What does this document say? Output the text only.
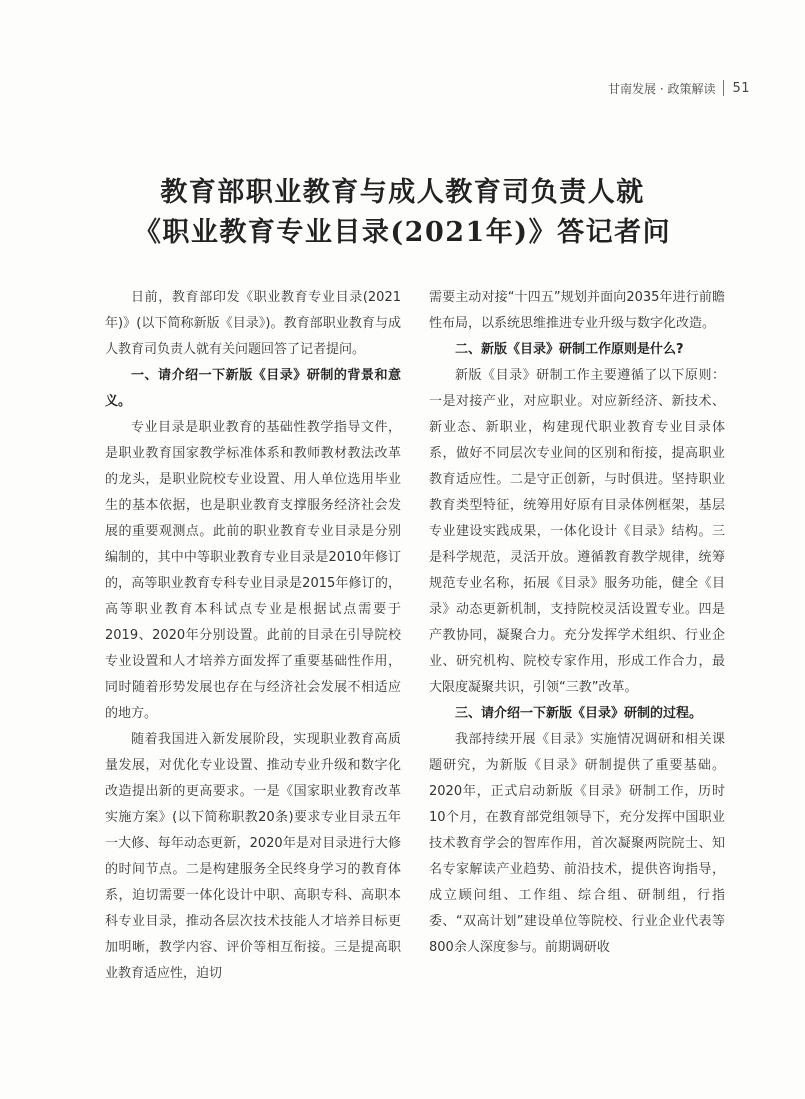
甘南发展 · 政策解读 51
教育部职业教育与成人教育司负责人就
《职业教育专业目录(2021年)》答记者问

日前，教育部印发《职业教育专业目录(2021年)》(以下简称新版《目录》)。教育部职业教育与成人教育司负责人就有关问题回答了记者提问。

一、请介绍一下新版《目录》研制的背景和意义。

专业目录是职业教育的基础性教学指导文件，是职业教育国家教学标准体系和教师教材教法改革的龙头，是职业院校专业设置、用人单位选用毕业生的基本依据，也是职业教育支撑服务经济社会发展的重要观测点。此前的职业教育专业目录是分别编制的，其中中等职业教育专业目录是2010年修订的，高等职业教育专科专业目录是2015年修订的，高等职业教育本科试点专业是根据试点需要于2019、2020年分别设置。此前的目录在引导院校专业设置和人才培养方面发挥了重要基础性作用，同时随着形势发展也存在与经济社会发展不相适应的地方。

随着我国进入新发展阶段，实现职业教育高质量发展，对优化专业设置、推动专业升级和数字化改造提出新的更高要求。一是《国家职业教育改革实施方案》(以下简称职教20条)要求专业目录五年一大修、每年动态更新，2020年是对目录进行大修的时间节点。二是构建服务全民终身学习的教育体系，迫切需要一体化设计中职、高职专科、高职本科专业目录，推动各层次技术技能人才培养目标更加明晰，教学内容、评价等相互衔接。三是提高职业教育适应性，迫切

需要主动对接“十四五”规划并面向2035年进行前瞻性布局，以系统思维推进专业升级与数字化改造。

二、新版《目录》研制工作原则是什么?

新版《目录》研制工作主要遵循了以下原则：一是对接产业，对应职业。对应新经济、新技术、新业态、新职业，构建现代职业教育专业目录体系，做好不同层次专业间的区别和衔接，提高职业教育适应性。二是守正创新，与时俱进。坚持职业教育类型特征，统筹用好原有目录体例框架，基层专业建设实践成果，一体化设计《目录》结构。三是科学规范，灵活开放。遵循教育教学规律，统筹规范专业名称，拓展《目录》服务功能，健全《目录》动态更新机制，支持院校灵活设置专业。四是产教协同，凝聚合力。充分发挥学术组织、行业企业、研究机构、院校专家作用，形成工作合力，最大限度凝聚共识，引领“三教”改革。

三、请介绍一下新版《目录》研制的过程。

我部持续开展《目录》实施情况调研和相关课题研究，为新版《目录》研制提供了重要基础。2020年，正式启动新版《目录》研制工作，历时10个月，在教育部党组领导下，充分发挥中国职业技术教育学会的智库作用，首次凝聚两院院士、知名专家解读产业趋势、前沿技术，提供咨询指导，成立顾问组、工作组、综合组、研制组，行指委、“双高计划”建设单位等院校、行业企业代表等800余人深度参与。前期调研收
